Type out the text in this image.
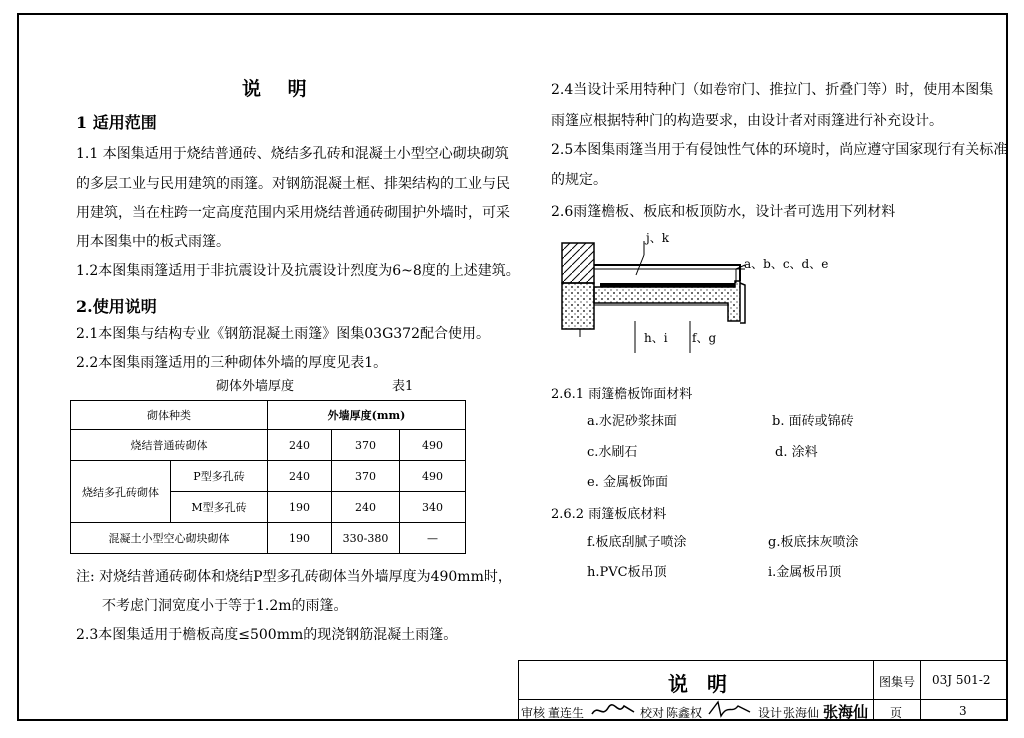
说 明
1 适用范围
1.1 本图集适用于烧结普通砖、烧结多孔砖和混凝土小型空心砌块砌筑
的多层工业与民用建筑的雨篷。对钢筋混凝土框、排架结构的工业与民
用建筑，当在柱跨一定高度范围内采用烧结普通砖砌围护外墙时，可采
用本图集中的板式雨篷。
1.2本图集雨篷适用于非抗震设计及抗震设计烈度为6~8度的上述建筑。
2.使用说明
2.1本图集与结构专业《钢筋混凝土雨篷》图集03G372配合使用。
2.2本图集雨篷适用的三种砌体外墙的厚度见表1。
砌体外墙厚度	表1
砌体种类		外墙厚度(mm)		
烧结普通砖砌体		240	370	490
烧结多孔砖砌体	P型多孔砖	240	370	490
	M型多孔砖	190	240	340
混凝土小型空心砌块砌体		190	330-380	—
注: 对烧结普通砖砌体和烧结P型多孔砖砌体当外墙厚度为490mm时，
不考虑门洞宽度小于等于1.2m的雨篷。
2.3本图集适用于檐板高度≤500mm的现浇钢筋混凝土雨篷。
2.4当设计采用特种门（如卷帘门、推拉门、折叠门等）时，使用本图集
雨篷应根据特种门的构造要求，由设计者对雨篷进行补充设计。
2.5本图集雨篷当用于有侵蚀性气体的环境时，尚应遵守国家现行有关标准
的规定。
2.6雨篷檐板、板底和板顶防水，设计者可选用下列材料
j、k
a、b、c、d、e
h、i f、g
2.6.1 雨篷檐板饰面材料
a.水泥砂浆抹面	b. 面砖或锦砖
c.水刷石	d. 涂料
e. 金属板饰面
2.6.2 雨篷板底材料
f.板底刮腻子喷涂	g.板底抹灰喷涂
h.PVC板吊顶	i.金属板吊顶
说 明	图集号 03J 501-2
审核 董连生	校对 陈鑫权	设计 张海仙 张海仙 页	3
